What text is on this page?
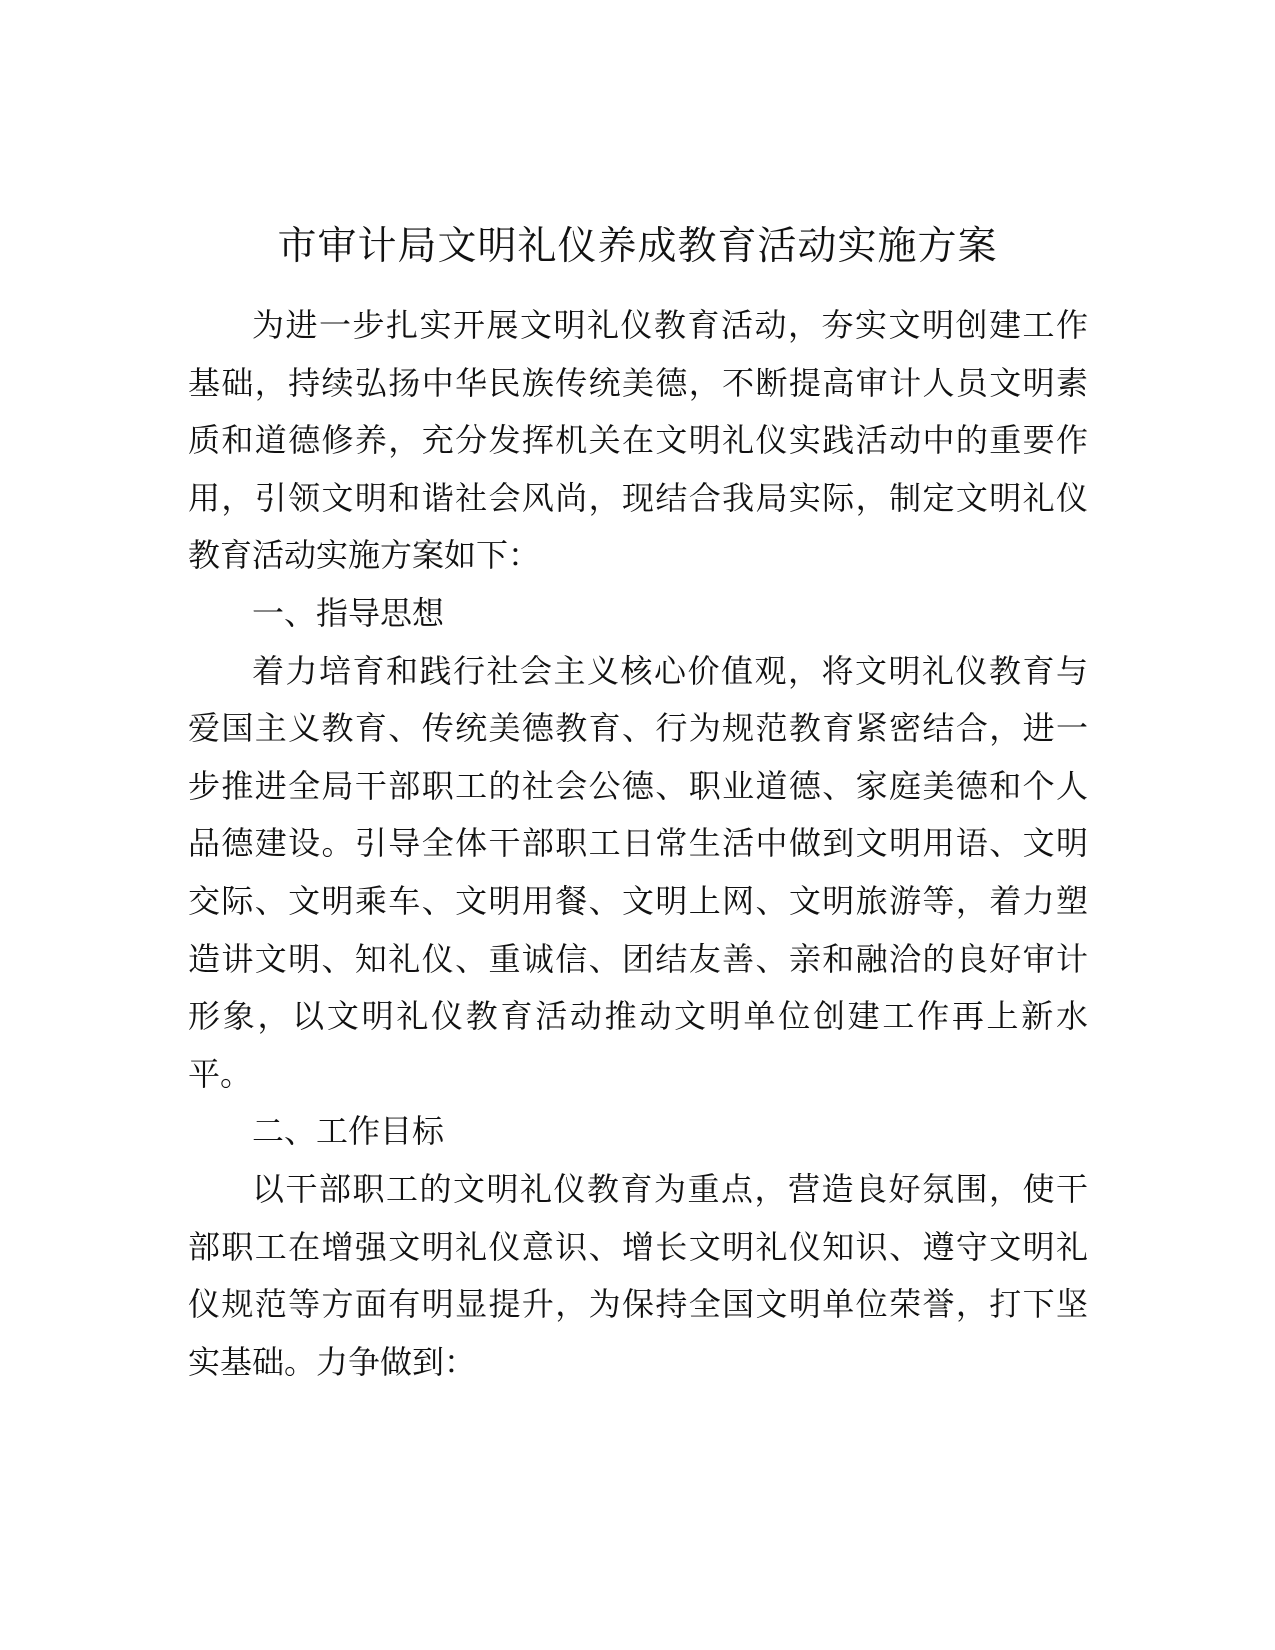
市审计局文明礼仪养成教育活动实施方案

为进一步扎实开展文明礼仪教育活动，夯实文明创建工作
基础，持续弘扬中华民族传统美德，不断提高审计人员文明素
质和道德修养，充分发挥机关在文明礼仪实践活动中的重要作
用，引领文明和谐社会风尚，现结合我局实际，制定文明礼仪
教育活动实施方案如下：

一、指导思想

着力培育和践行社会主义核心价值观，将文明礼仪教育与
爱国主义教育、传统美德教育、行为规范教育紧密结合，进一
步推进全局干部职工的社会公德、职业道德、家庭美德和个人
品德建设。引导全体干部职工日常生活中做到文明用语、文明
交际、文明乘车、文明用餐、文明上网、文明旅游等，着力塑
造讲文明、知礼仪、重诚信、团结友善、亲和融洽的良好审计
形象，以文明礼仪教育活动推动文明单位创建工作再上新水
平。

二、工作目标

以干部职工的文明礼仪教育为重点，营造良好氛围，使干
部职工在增强文明礼仪意识、增长文明礼仪知识、遵守文明礼
仪规范等方面有明显提升，为保持全国文明单位荣誉，打下坚
实基础。力争做到：
